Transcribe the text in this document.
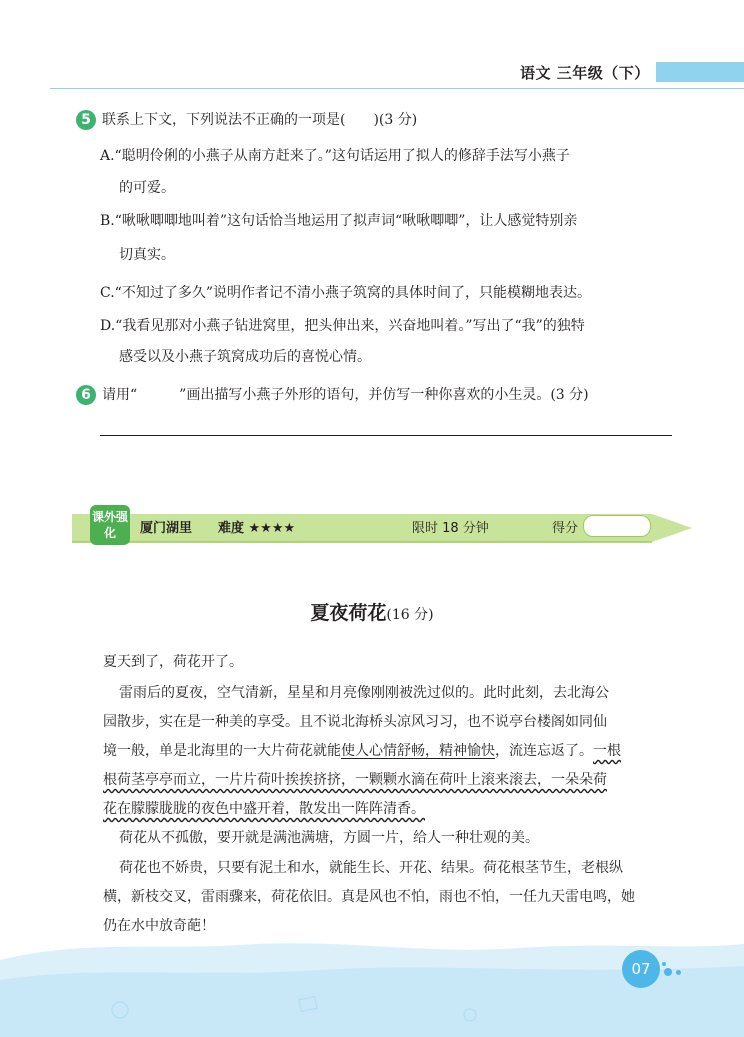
语文 三年级（下）
5 联系上下文，下列说法不正确的一项是(　　)(3 分)
A.“聪明伶俐的小燕子从南方赶来了。”这句话运用了拟人的修辞手法写小燕子
的可爱。
B.“啾啾唧唧地叫着”这句话恰当地运用了拟声词“啾啾唧唧”，让人感觉特别亲
切真实。
C.“不知过了多久”说明作者记不清小燕子筑窝的具体时间了，只能模糊地表达。
D.“我看见那对小燕子钻进窝里，把头伸出来，兴奋地叫着。”写出了“我”的独特
感受以及小燕子筑窝成功后的喜悦心情。
6 请用“　　　”画出描写小燕子外形的语句，并仿写一种你喜欢的小生灵。(3 分)
课外强化	厦门湖里 难度 ★★★★	限时 18 分钟	得分
夏夜荷花(16 分)
夏天到了，荷花开了。
雷雨后的夏夜，空气清新，星星和月亮像刚刚被洗过似的。此时此刻，去北海公
园散步，实在是一种美的享受。且不说北海桥头凉风习习，也不说亭台楼阁如同仙
境一般，单是北海里的一大片荷花就能使人心情舒畅，精神愉快，流连忘返了。一根
根荷茎亭亭而立，一片片荷叶挨挨挤挤，一颗颗水滴在荷叶上滚来滚去，一朵朵荷
花在朦朦胧胧的夜色中盛开着，散发出一阵阵清香。
荷花从不孤傲，要开就是满池满塘，方圆一片，给人一种壮观的美。
荷花也不娇贵，只要有泥土和水，就能生长、开花、结果。荷花根茎节生，老根纵
横，新枝交叉，雷雨骤来，荷花依旧。真是风也不怕，雨也不怕，一任九天雷电鸣，她
仍在水中放奇葩！
07
